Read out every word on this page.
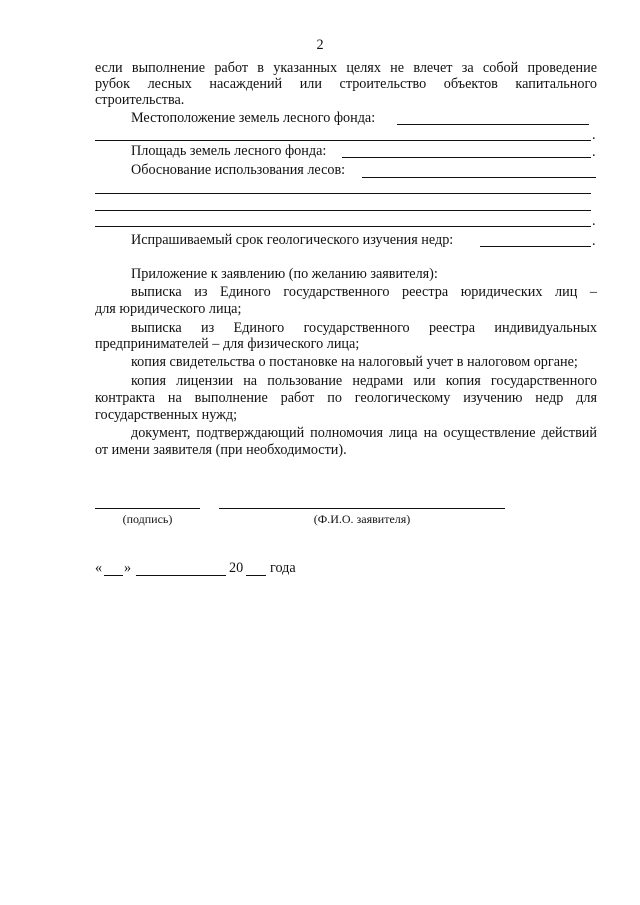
2
если выполнение работ в указанных целях не влечет за собой проведение
рубок лесных насаждений или строительство объектов капитального
строительства.
Местоположение земель лесного фонда:
.
Площадь земель лесного фонда:	.
Обоснование использования лесов:
.
Испрашиваемый срок геологического изучения недр:	.
Приложение к заявлению (по желанию заявителя):
выписка из Единого государственного реестра юридических лиц –
для юридического лица;
выписка из Единого государственного реестра индивидуальных
предпринимателей – для физического лица;
копия свидетельства о постановке на налоговый учет в налоговом органе;
копия лицензии на пользование недрами или копия государственного
контракта на выполнение работ по геологическому изучению недр для
государственных нужд;
документ, подтверждающий полномочия лица на осуществление действий
от имени заявителя (при необходимости).
(подпись)	(Ф.И.О. заявителя)
« »	20 года
